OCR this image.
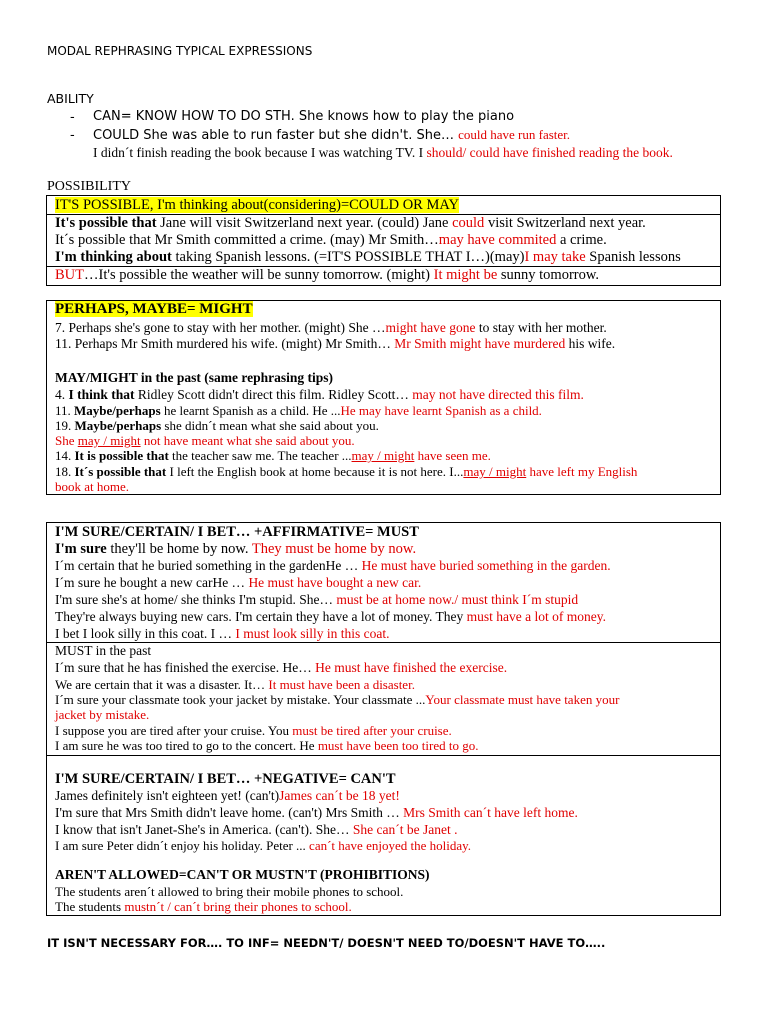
MODAL REPHRASING TYPICAL EXPRESSIONS
ABILITY
- CAN= KNOW HOW TO DO STH. She knows how to play the piano
- COULD She was able to run faster but she didn't. She… could have run faster.
I didn´t finish reading the book because I was watching TV. I should/ could have finished reading the book.
POSSIBILITY
IT'S POSSIBLE, I'm thinking about(considering)=COULD OR MAY
It's possible that Jane will visit Switzerland next year. (could) Jane could visit Switzerland next year.
It´s possible that Mr Smith committed a crime. (may) Mr Smith…may have commited a crime.
I'm thinking about taking Spanish lessons. (=IT'S POSSIBLE THAT I…)(may)I may take Spanish lessons
BUT…It's possible the weather will be sunny tomorrow. (might) It might be sunny tomorrow.
PERHAPS, MAYBE= MIGHT
7. Perhaps she's gone to stay with her mother. (might) She …might have gone to stay with her mother.
11. Perhaps Mr Smith murdered his wife. (might) Mr Smith… Mr Smith might have murdered his wife.
MAY/MIGHT in the past (same rephrasing tips)
4. I think that Ridley Scott didn't direct this film. Ridley Scott… may not have directed this film.
11. Maybe/perhaps he learnt Spanish as a child. He ...He may have learnt Spanish as a child.
19. Maybe/perhaps she didn´t mean what she said about you.
She may / might not have meant what she said about you.
14. It is possible that the teacher saw me. The teacher ...may / might have seen me.
18. It´s possible that I left the English book at home because it is not here. I...may / might have left my English
book at home.
I'M SURE/CERTAIN/ I BET… +AFFIRMATIVE= MUST
I'm sure they'll be home by now. They must be home by now.
I´m certain that he buried something in the gardenHe … He must have buried something in the garden.
I´m sure he bought a new carHe … He must have bought a new car.
I'm sure she's at home/ she thinks I'm stupid. She… must be at home now./ must think I´m stupid
They're always buying new cars. I'm certain they have a lot of money. They must have a lot of money.
I bet I look silly in this coat. I … I must look silly in this coat.
MUST in the past
I´m sure that he has finished the exercise. He… He must have finished the exercise.
We are certain that it was a disaster. It… It must have been a disaster.
I´m sure your classmate took your jacket by mistake. Your classmate ...Your classmate must have taken your
jacket by mistake.
I suppose you are tired after your cruise. You must be tired after your cruise.
I am sure he was too tired to go to the concert. He must have been too tired to go.
I'M SURE/CERTAIN/ I BET… +NEGATIVE= CAN'T
James definitely isn't eighteen yet! (can't)James can´t be 18 yet!
I'm sure that Mrs Smith didn't leave home. (can't) Mrs Smith … Mrs Smith can´t have left home.
I know that isn't Janet-She's in America. (can't). She… She can´t be Janet .
I am sure Peter didn´t enjoy his holiday. Peter ... can´t have enjoyed the holiday.
AREN'T ALLOWED=CAN'T OR MUSTN'T (PROHIBITIONS)
The students aren´t allowed to bring their mobile phones to school.
The students mustn´t / can´t bring their phones to school.
IT ISN'T NECESSARY FOR…. TO INF= NEEDN'T/ DOESN'T NEED TO/DOESN'T HAVE TO…..
